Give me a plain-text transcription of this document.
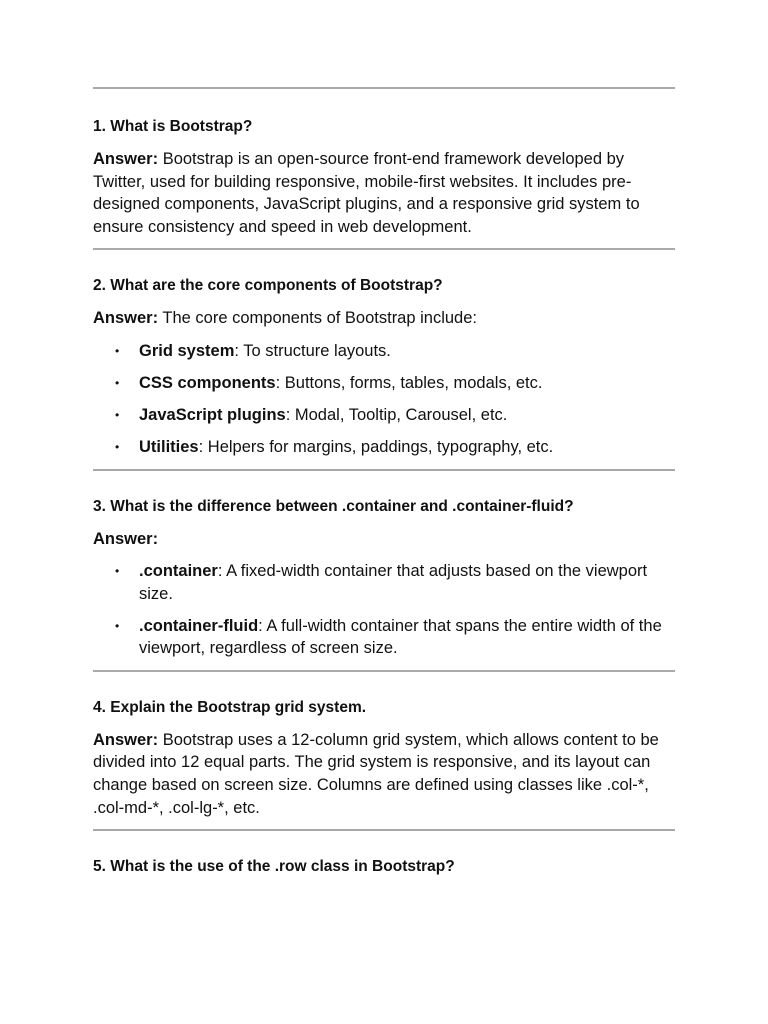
1. What is Bootstrap?

Answer: Bootstrap is an open-source front-end framework developed by Twitter, used for building responsive, mobile-first websites. It includes pre-designed components, JavaScript plugins, and a responsive grid system to ensure consistency and speed in web development.

2. What are the core components of Bootstrap?

Answer: The core components of Bootstrap include:

• Grid system: To structure layouts.
• CSS components: Buttons, forms, tables, modals, etc.
• JavaScript plugins: Modal, Tooltip, Carousel, etc.
• Utilities: Helpers for margins, paddings, typography, etc.

3. What is the difference between .container and .container-fluid?

Answer:

• .container: A fixed-width container that adjusts based on the viewport size.
• .container-fluid: A full-width container that spans the entire width of the viewport, regardless of screen size.

4. Explain the Bootstrap grid system.

Answer: Bootstrap uses a 12-column grid system, which allows content to be divided into 12 equal parts. The grid system is responsive, and its layout can change based on screen size. Columns are defined using classes like .col-*, .col-md-*, .col-lg-*, etc.

5. What is the use of the .row class in Bootstrap?
